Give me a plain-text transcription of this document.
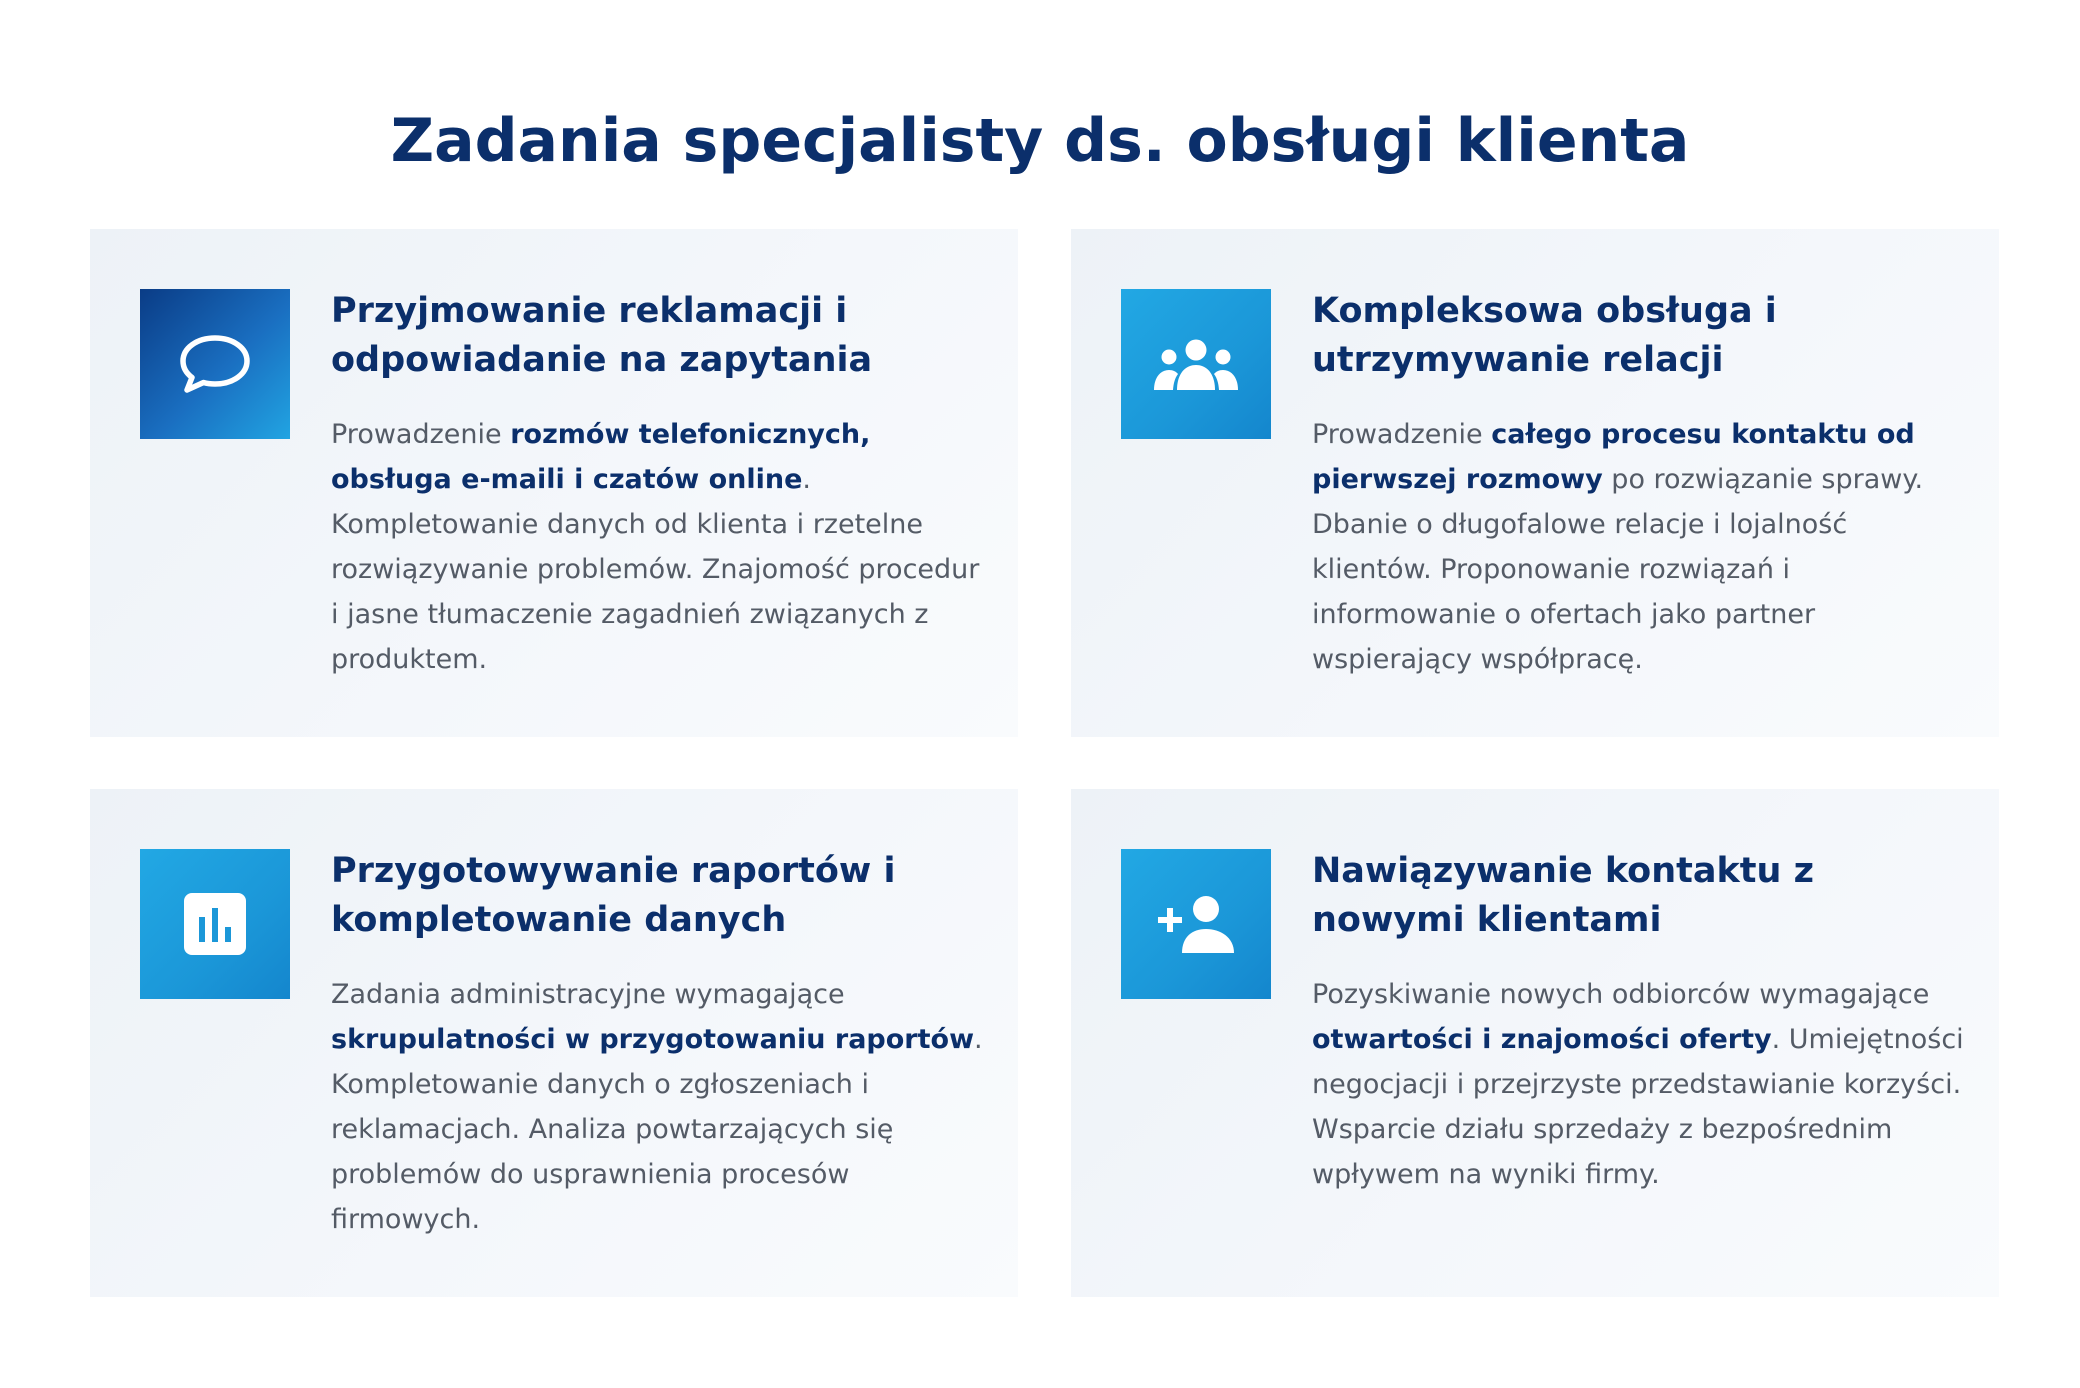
Zadania specjalisty ds. obsługi klienta
Przyjmowanie reklamacji i odpowiadanie na zapytania

Prowadzenie rozmów telefonicznych, obsługa e-maili i czatów online. Kompletowanie danych od klienta i rzetelne rozwiązywanie problemów. Znajomość procedur i jasne tłumaczenie zagadnień związanych z produktem.

Kompleksowa obsługa i utrzymywanie relacji

Prowadzenie całego procesu kontaktu od pierwszej rozmowy po rozwiązanie sprawy. Dbanie o długofalowe relacje i lojalność klientów. Proponowanie rozwiązań i informowanie o ofertach jako partner wspierający współpracę.

Przygotowywanie raportów i kompletowanie danych

Zadania administracyjne wymagające skrupulatności w przygotowaniu raportów. Kompletowanie danych o zgłoszeniach i reklamacjach. Analiza powtarzających się problemów do usprawnienia procesów firmowych.

Nawiązywanie kontaktu z nowymi klientami

Pozyskiwanie nowych odbiorców wymagające otwartości i znajomości oferty. Umiejętności negocjacji i przejrzyste przedstawianie korzyści. Wsparcie działu sprzedaży z bezpośrednim wpływem na wyniki firmy.
